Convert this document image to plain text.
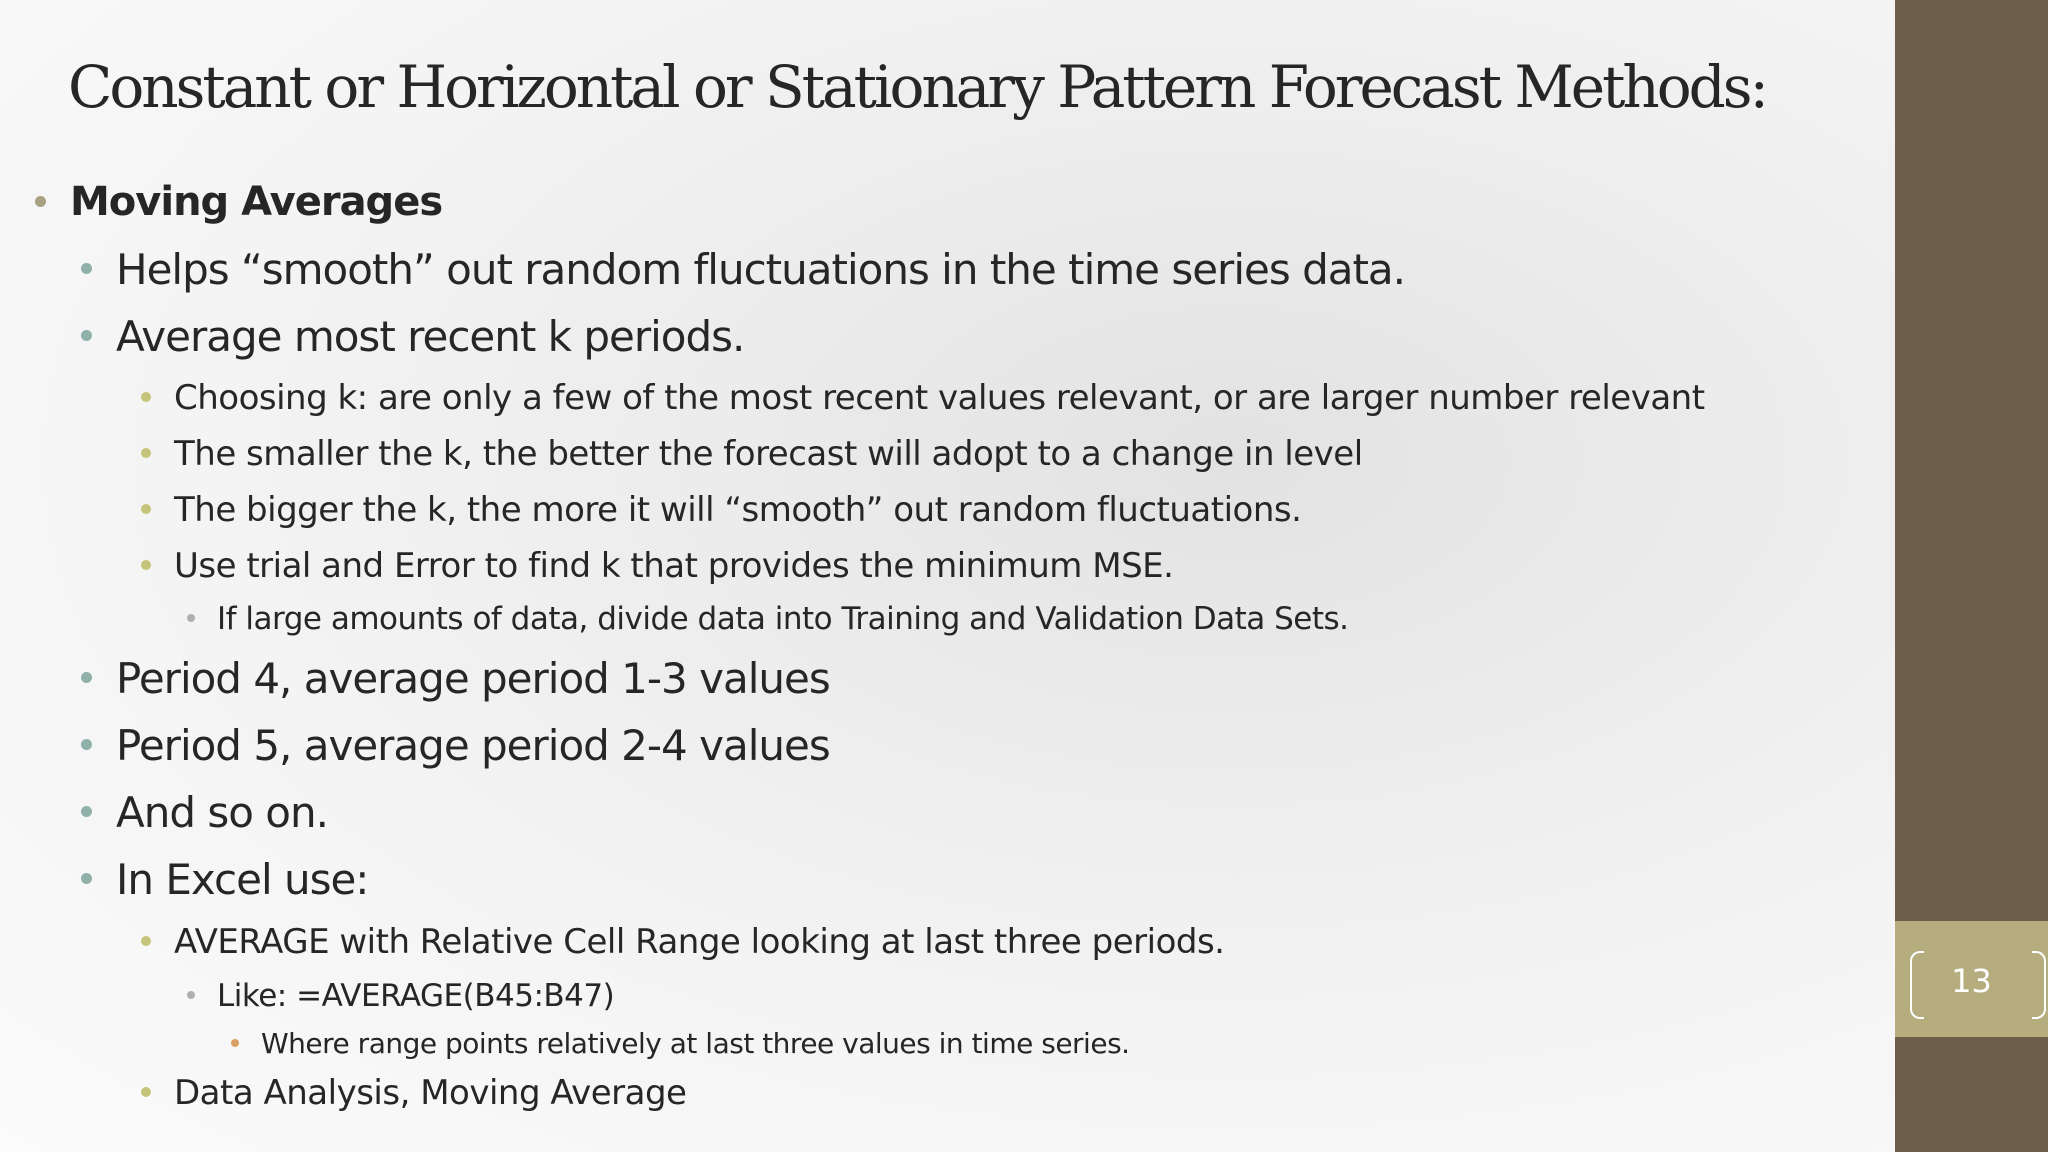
Constant or Horizontal or Stationary Pattern Forecast Methods:
Moving Averages
Helps “smooth” out random fluctuations in the time series data.
Average most recent k periods.
Choosing k: are only a few of the most recent values relevant, or are larger number relevant
The smaller the k, the better the forecast will adopt to a change in level
The bigger the k, the more it will “smooth” out random fluctuations.
Use trial and Error to find k that provides the minimum MSE.
If large amounts of data, divide data into Training and Validation Data Sets.
Period 4, average period 1-3 values
Period 5, average period 2-4 values
And so on.
In Excel use:
AVERAGE with Relative Cell Range looking at last three periods.
Like: =AVERAGE(B45:B47)
Where range points relatively at last three values in time series.
Data Analysis, Moving Average
13
